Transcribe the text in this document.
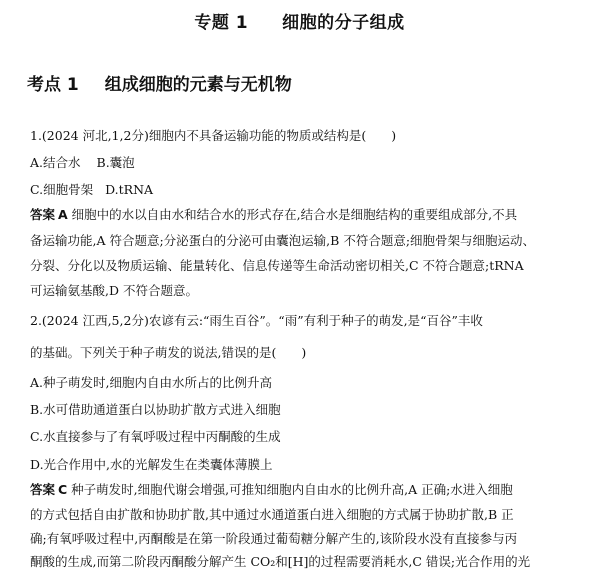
专题 1 细胞的分子组成
考点 1 组成细胞的元素与无机物
1.(2024 河北,1,2分)细胞内不具备运输功能的物质或结构是(　　)
A.结合水 B.囊泡
C.细胞骨架 D.tRNA
答案 A 细胞中的水以自由水和结合水的形式存在,结合水是细胞结构的重要组成部分,不具
备运输功能,A 符合题意;分泌蛋白的分泌可由囊泡运输,B 不符合题意;细胞骨架与细胞运动、
分裂、分化以及物质运输、能量转化、信息传递等生命活动密切相关,C 不符合题意;tRNA
可运输氨基酸,D 不符合题意。
2.(2024 江西,5,2分)农谚有云:“雨生百谷”。“雨”有利于种子的萌发,是“百谷”丰收
的基础。下列关于种子萌发的说法,错误的是(　　)
A.种子萌发时,细胞内自由水所占的比例升高
B.水可借助通道蛋白以协助扩散方式进入细胞
C.水直接参与了有氧呼吸过程中丙酮酸的生成
D.光合作用中,水的光解发生在类囊体薄膜上
答案 C 种子萌发时,细胞代谢会增强,可推知细胞内自由水的比例升高,A 正确;水进入细胞
的方式包括自由扩散和协助扩散,其中通过水通道蛋白进入细胞的方式属于协助扩散,B 正
确;有氧呼吸过程中,丙酮酸是在第一阶段通过葡萄糖分解产生的,该阶段水没有直接参与丙
酮酸的生成,而第二阶段丙酮酸分解产生 CO₂和[H]的过程需要消耗水,C 错误;光合作用的光
